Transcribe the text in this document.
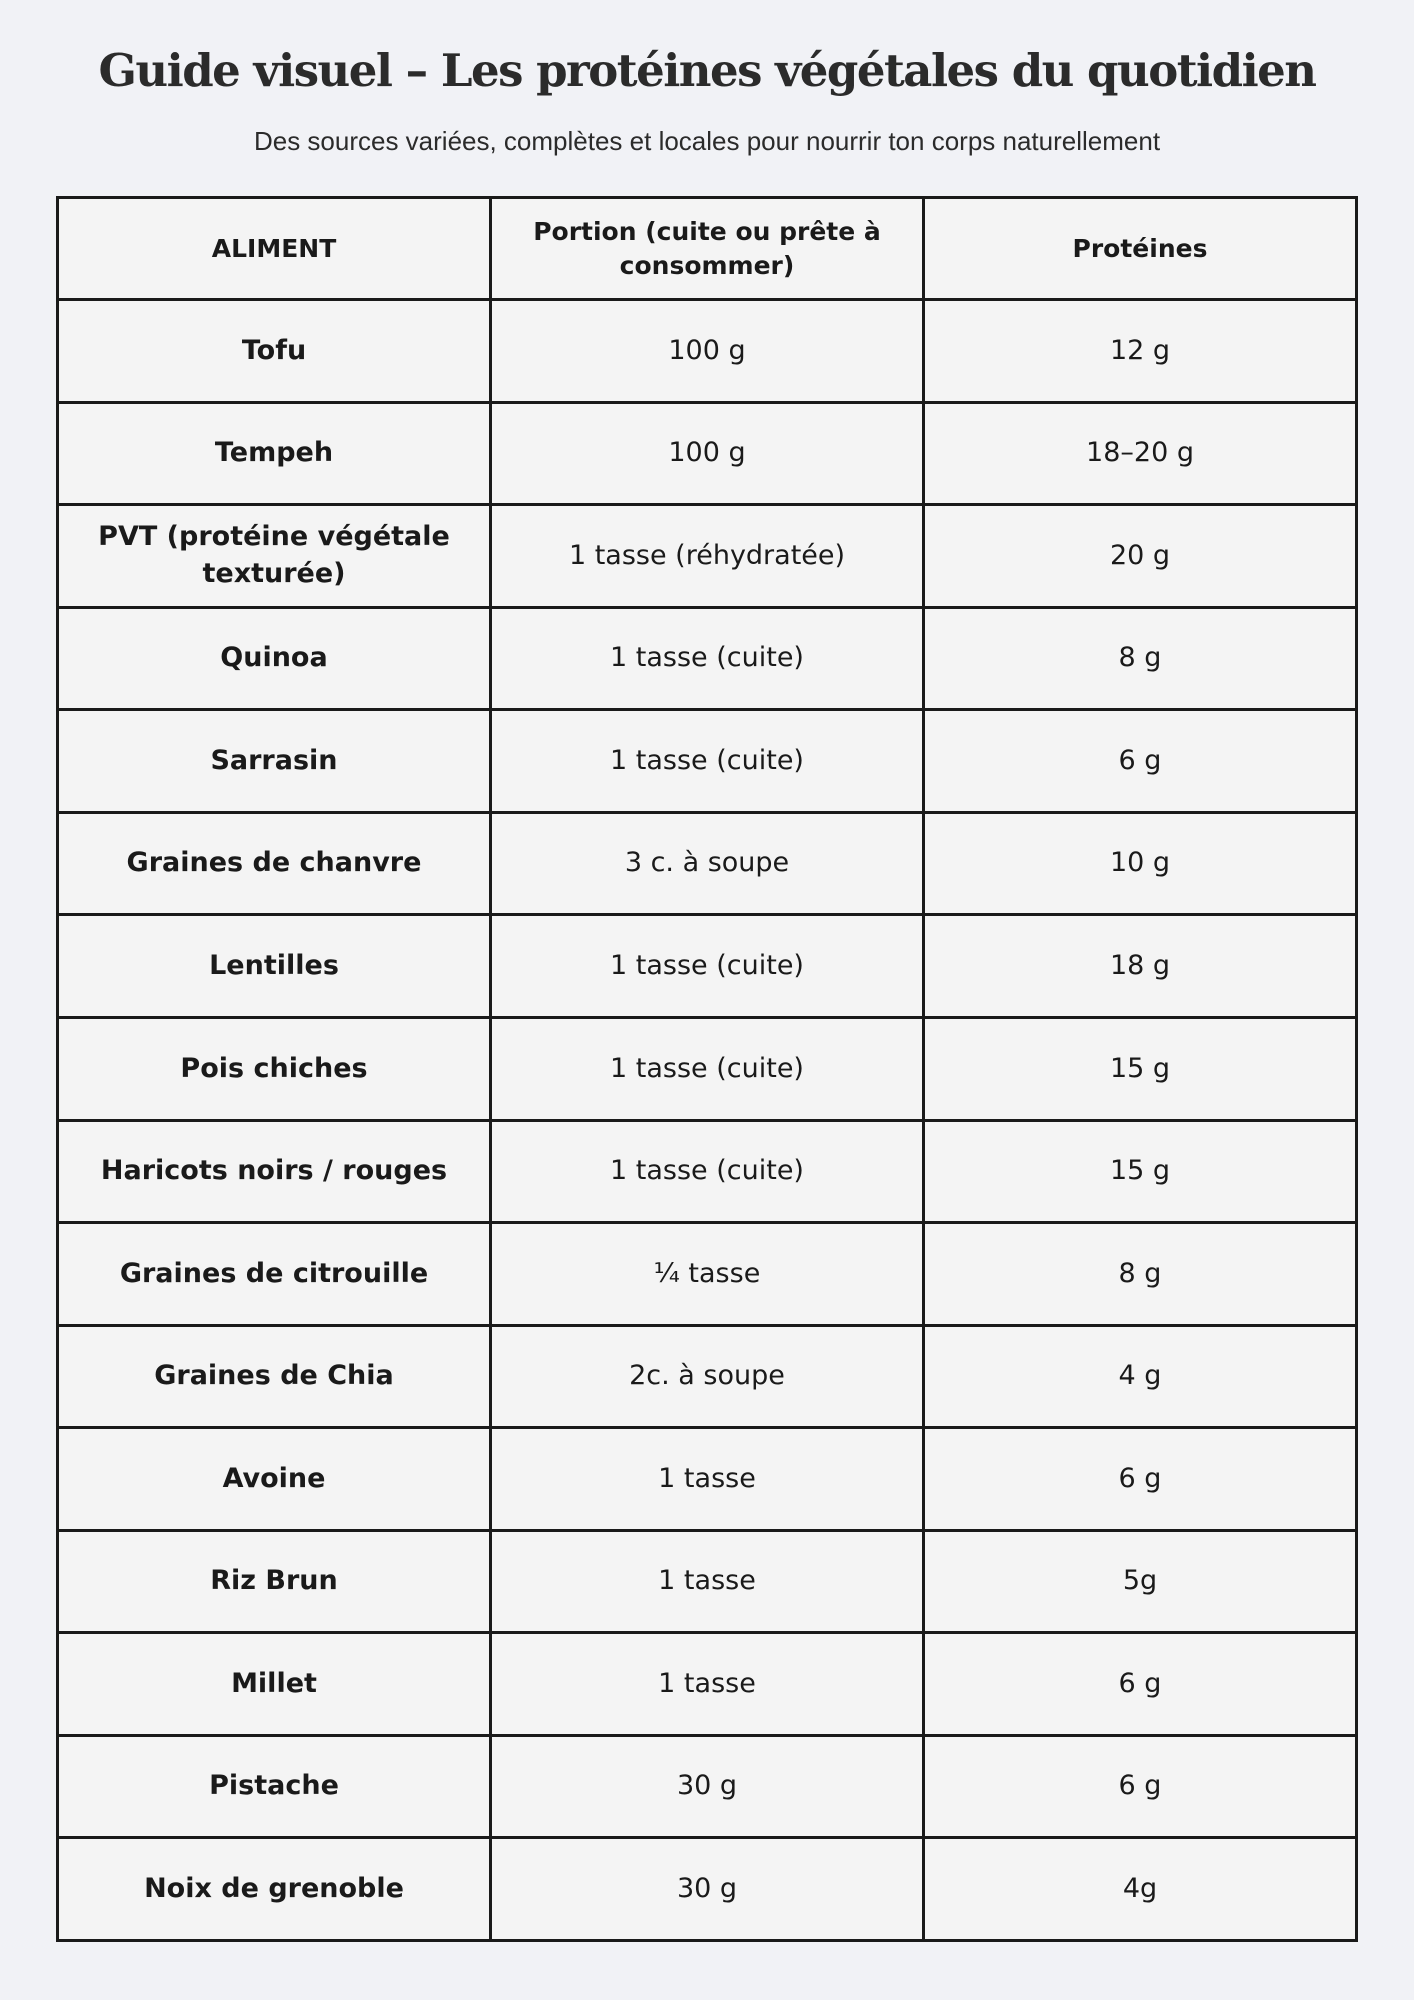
Guide visuel – Les protéines végétales du quotidien
Des sources variées, complètes et locales pour nourrir ton corps naturellement
ALIMENT	Portion (cuite ou prête à consommer)	Protéines
Tofu	100 g	12 g
Tempeh	100 g	18–20 g
PVT (protéine végétale texturée)	1 tasse (réhydratée)	20 g
Quinoa	1 tasse (cuite)	8 g
Sarrasin	1 tasse (cuite)	6 g
Graines de chanvre	3 c. à soupe	10 g
Lentilles	1 tasse (cuite)	18 g
Pois chiches	1 tasse (cuite)	15 g
Haricots noirs / rouges	1 tasse (cuite)	15 g
Graines de citrouille	¼ tasse	8 g
Graines de Chia	2c. à soupe	4 g
Avoine	1 tasse	6 g
Riz Brun	1 tasse	5g
Millet	1 tasse	6 g
Pistache	30 g	6 g
Noix de grenoble	30 g	4g
